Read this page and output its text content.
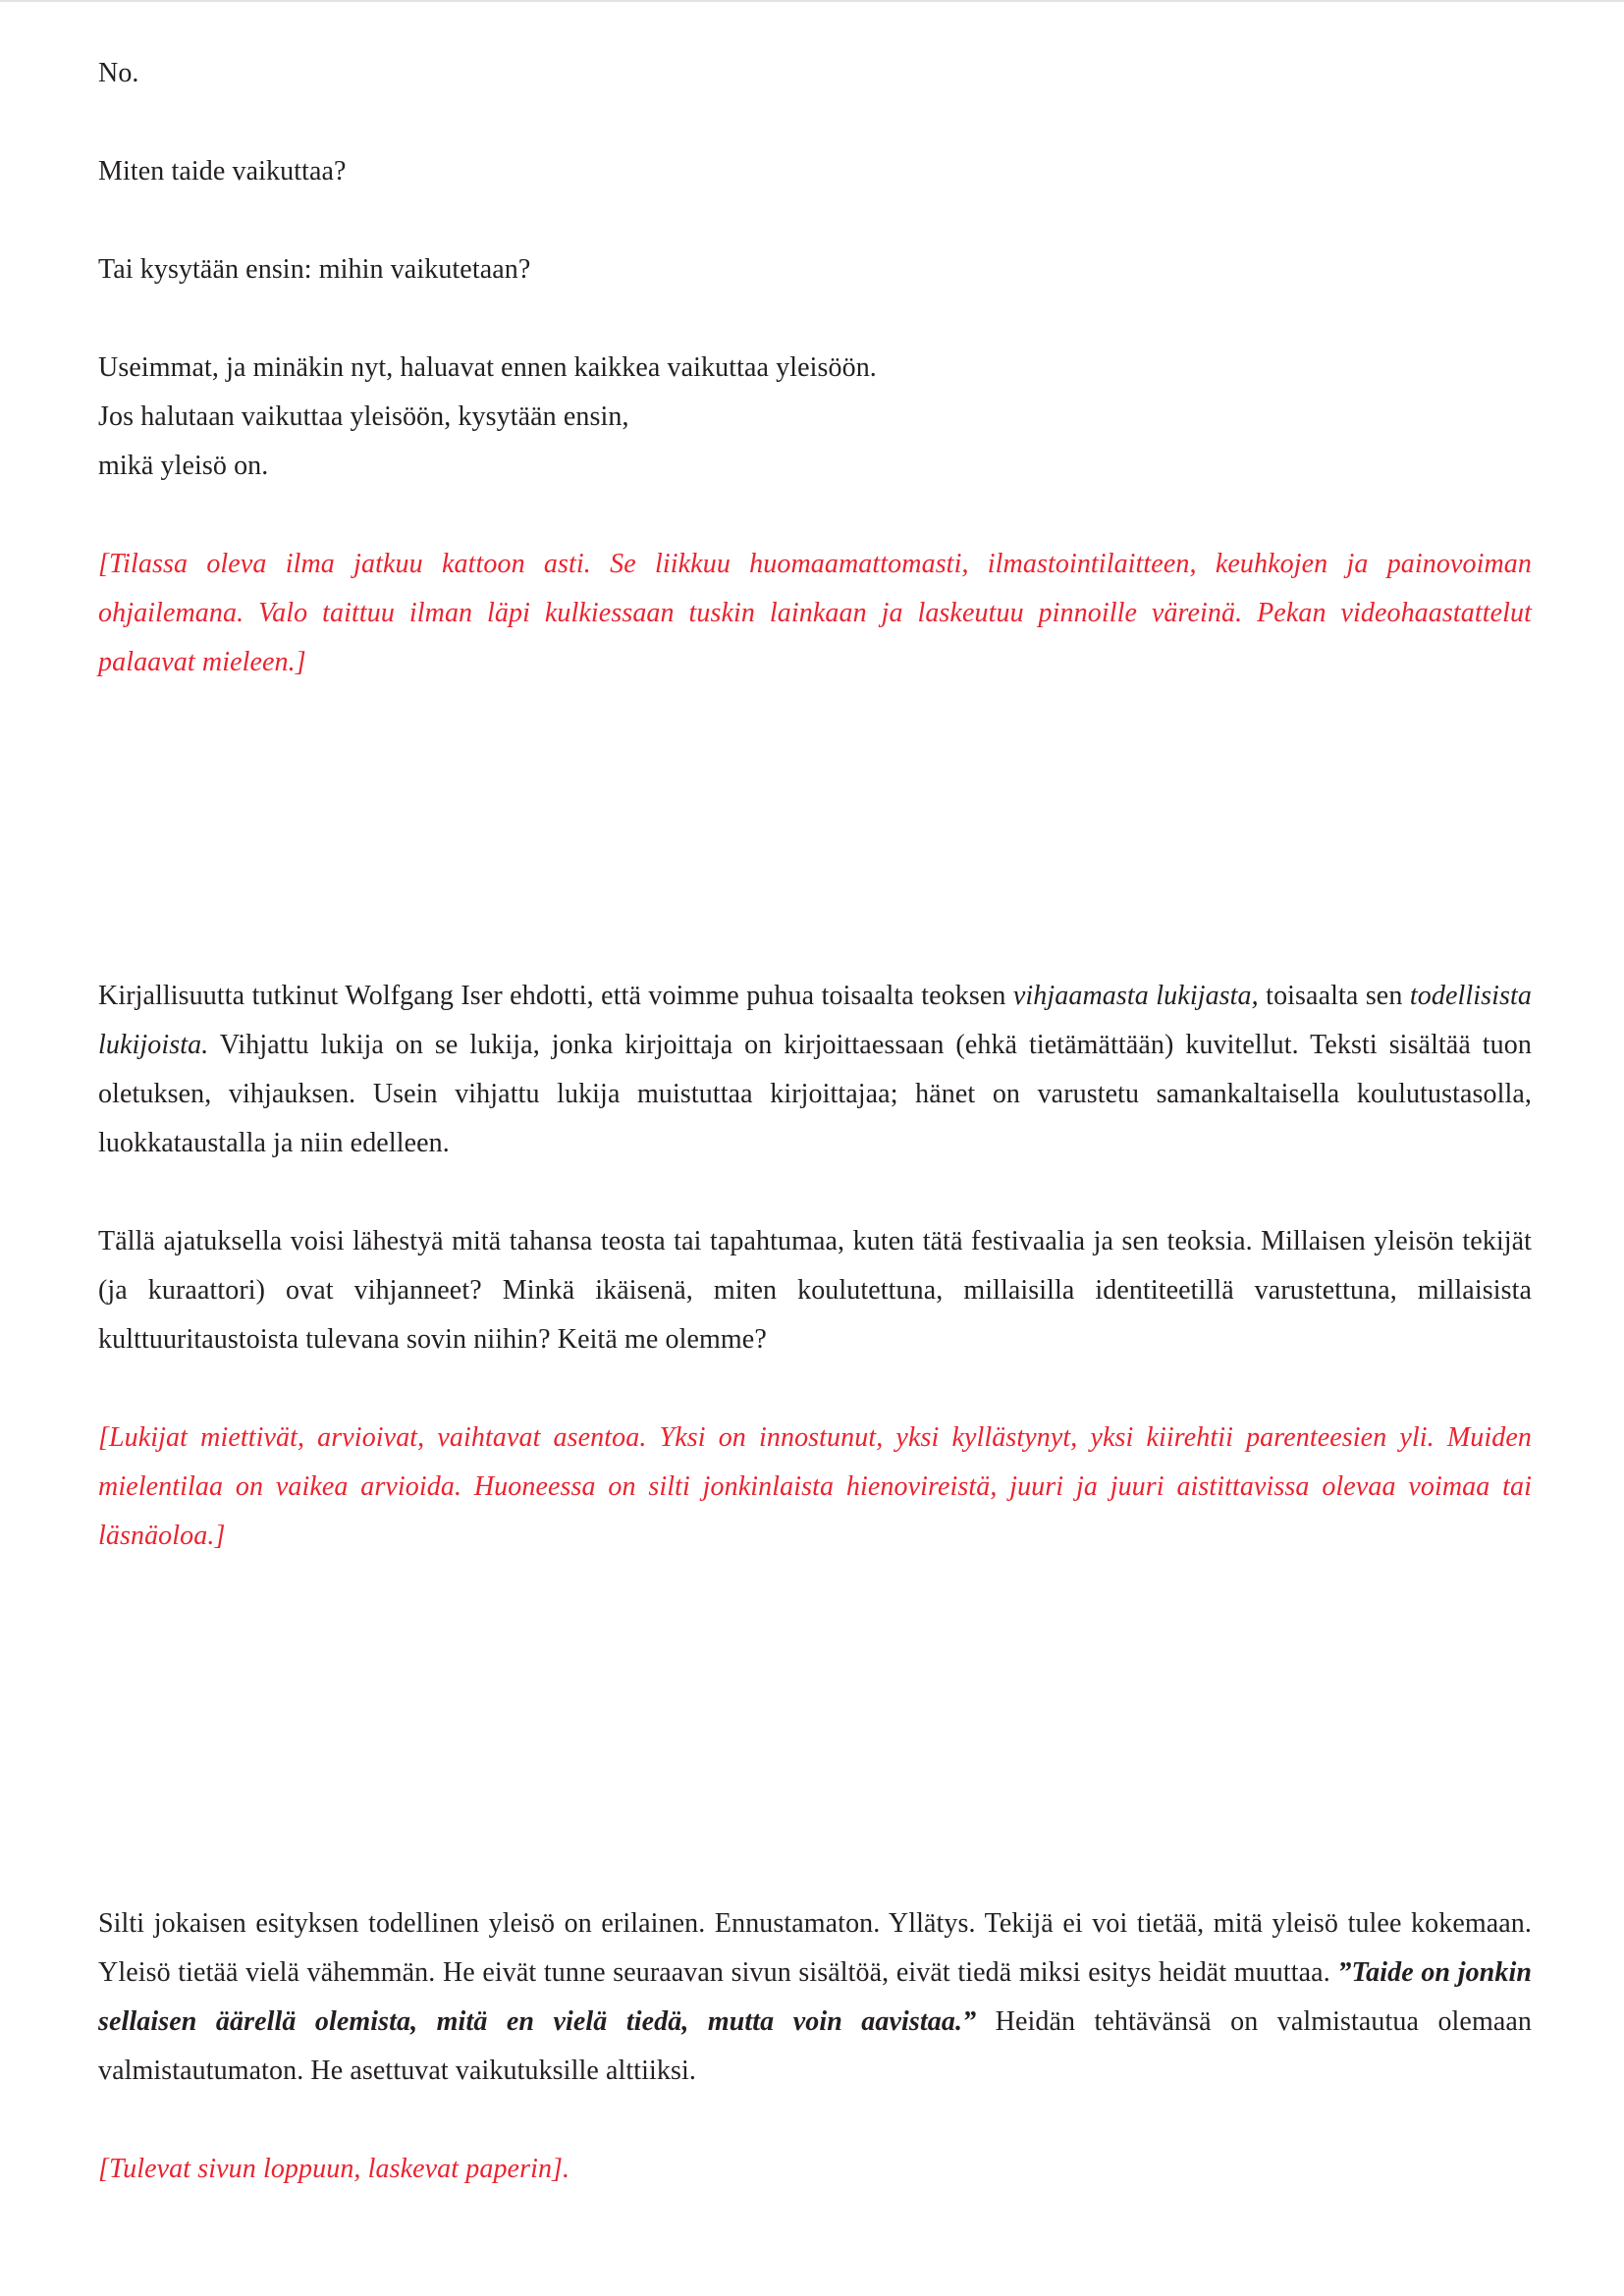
No.

Miten taide vaikuttaa?

Tai kysytään ensin: mihin vaikutetaan?

Useimmat, ja minäkin nyt, haluavat ennen kaikkea vaikuttaa yleisöön.
Jos halutaan vaikuttaa yleisöön, kysytään ensin,
mikä yleisö on.

[Tilassa oleva ilma jatkuu kattoon asti. Se liikkuu huomaamattomasti, ilmastointilaitteen, keuhkojen ja painovoiman ohjailemana. Valo taittuu ilman läpi kulkiessaan tuskin lainkaan ja laskeutuu pinnoille väreinä. Pekan videohaastattelut palaavat mieleen.]

Kirjallisuutta tutkinut Wolfgang Iser ehdotti, että voimme puhua toisaalta teoksen vihjaamasta lukijasta, toisaalta sen todellisista lukijoista. Vihjattu lukija on se lukija, jonka kirjoittaja on kirjoittaessaan (ehkä tietämättään) kuvitellut. Teksti sisältää tuon oletuksen, vihjauksen. Usein vihjattu lukija muistuttaa kirjoittajaa; hänet on varustetu samankaltaisella koulutustasolla, luokkataustalla ja niin edelleen.

Tällä ajatuksella voisi lähestyä mitä tahansa teosta tai tapahtumaa, kuten tätä festivaalia ja sen teoksia. Millaisen yleisön tekijät (ja kuraattori) ovat vihjanneet? Minkä ikäisenä, miten koulutettuna, millaisilla identiteetillä varustettuna, millaisista kulttuuritaustoista tulevana sovin niihin? Keitä me olemme?

[Lukijat miettivät, arvioivat, vaihtavat asentoa. Yksi on innostunut, yksi kyllästynyt, yksi kiirehtii parenteesien yli. Muiden mielentilaa on vaikea arvioida. Huoneessa on silti jonkinlaista hienovireistä, juuri ja juuri aistittavissa olevaa voimaa tai läsnäoloa.]

Silti jokaisen esityksen todellinen yleisö on erilainen. Ennustamaton. Yllätys. Tekijä ei voi tietää, mitä yleisö tulee kokemaan. Yleisö tietää vielä vähemmän. He eivät tunne seuraavan sivun sisältöä, eivät tiedä miksi esitys heidät muuttaa. ”Taide on jonkin sellaisen äärellä olemista, mitä en vielä tiedä, mutta voin aavistaa.” Heidän tehtävänsä on valmistautua olemaan valmistautumaton. He asettuvat vaikutuksille alttiiksi.

[Tulevat sivun loppuun, laskevat paperin].
